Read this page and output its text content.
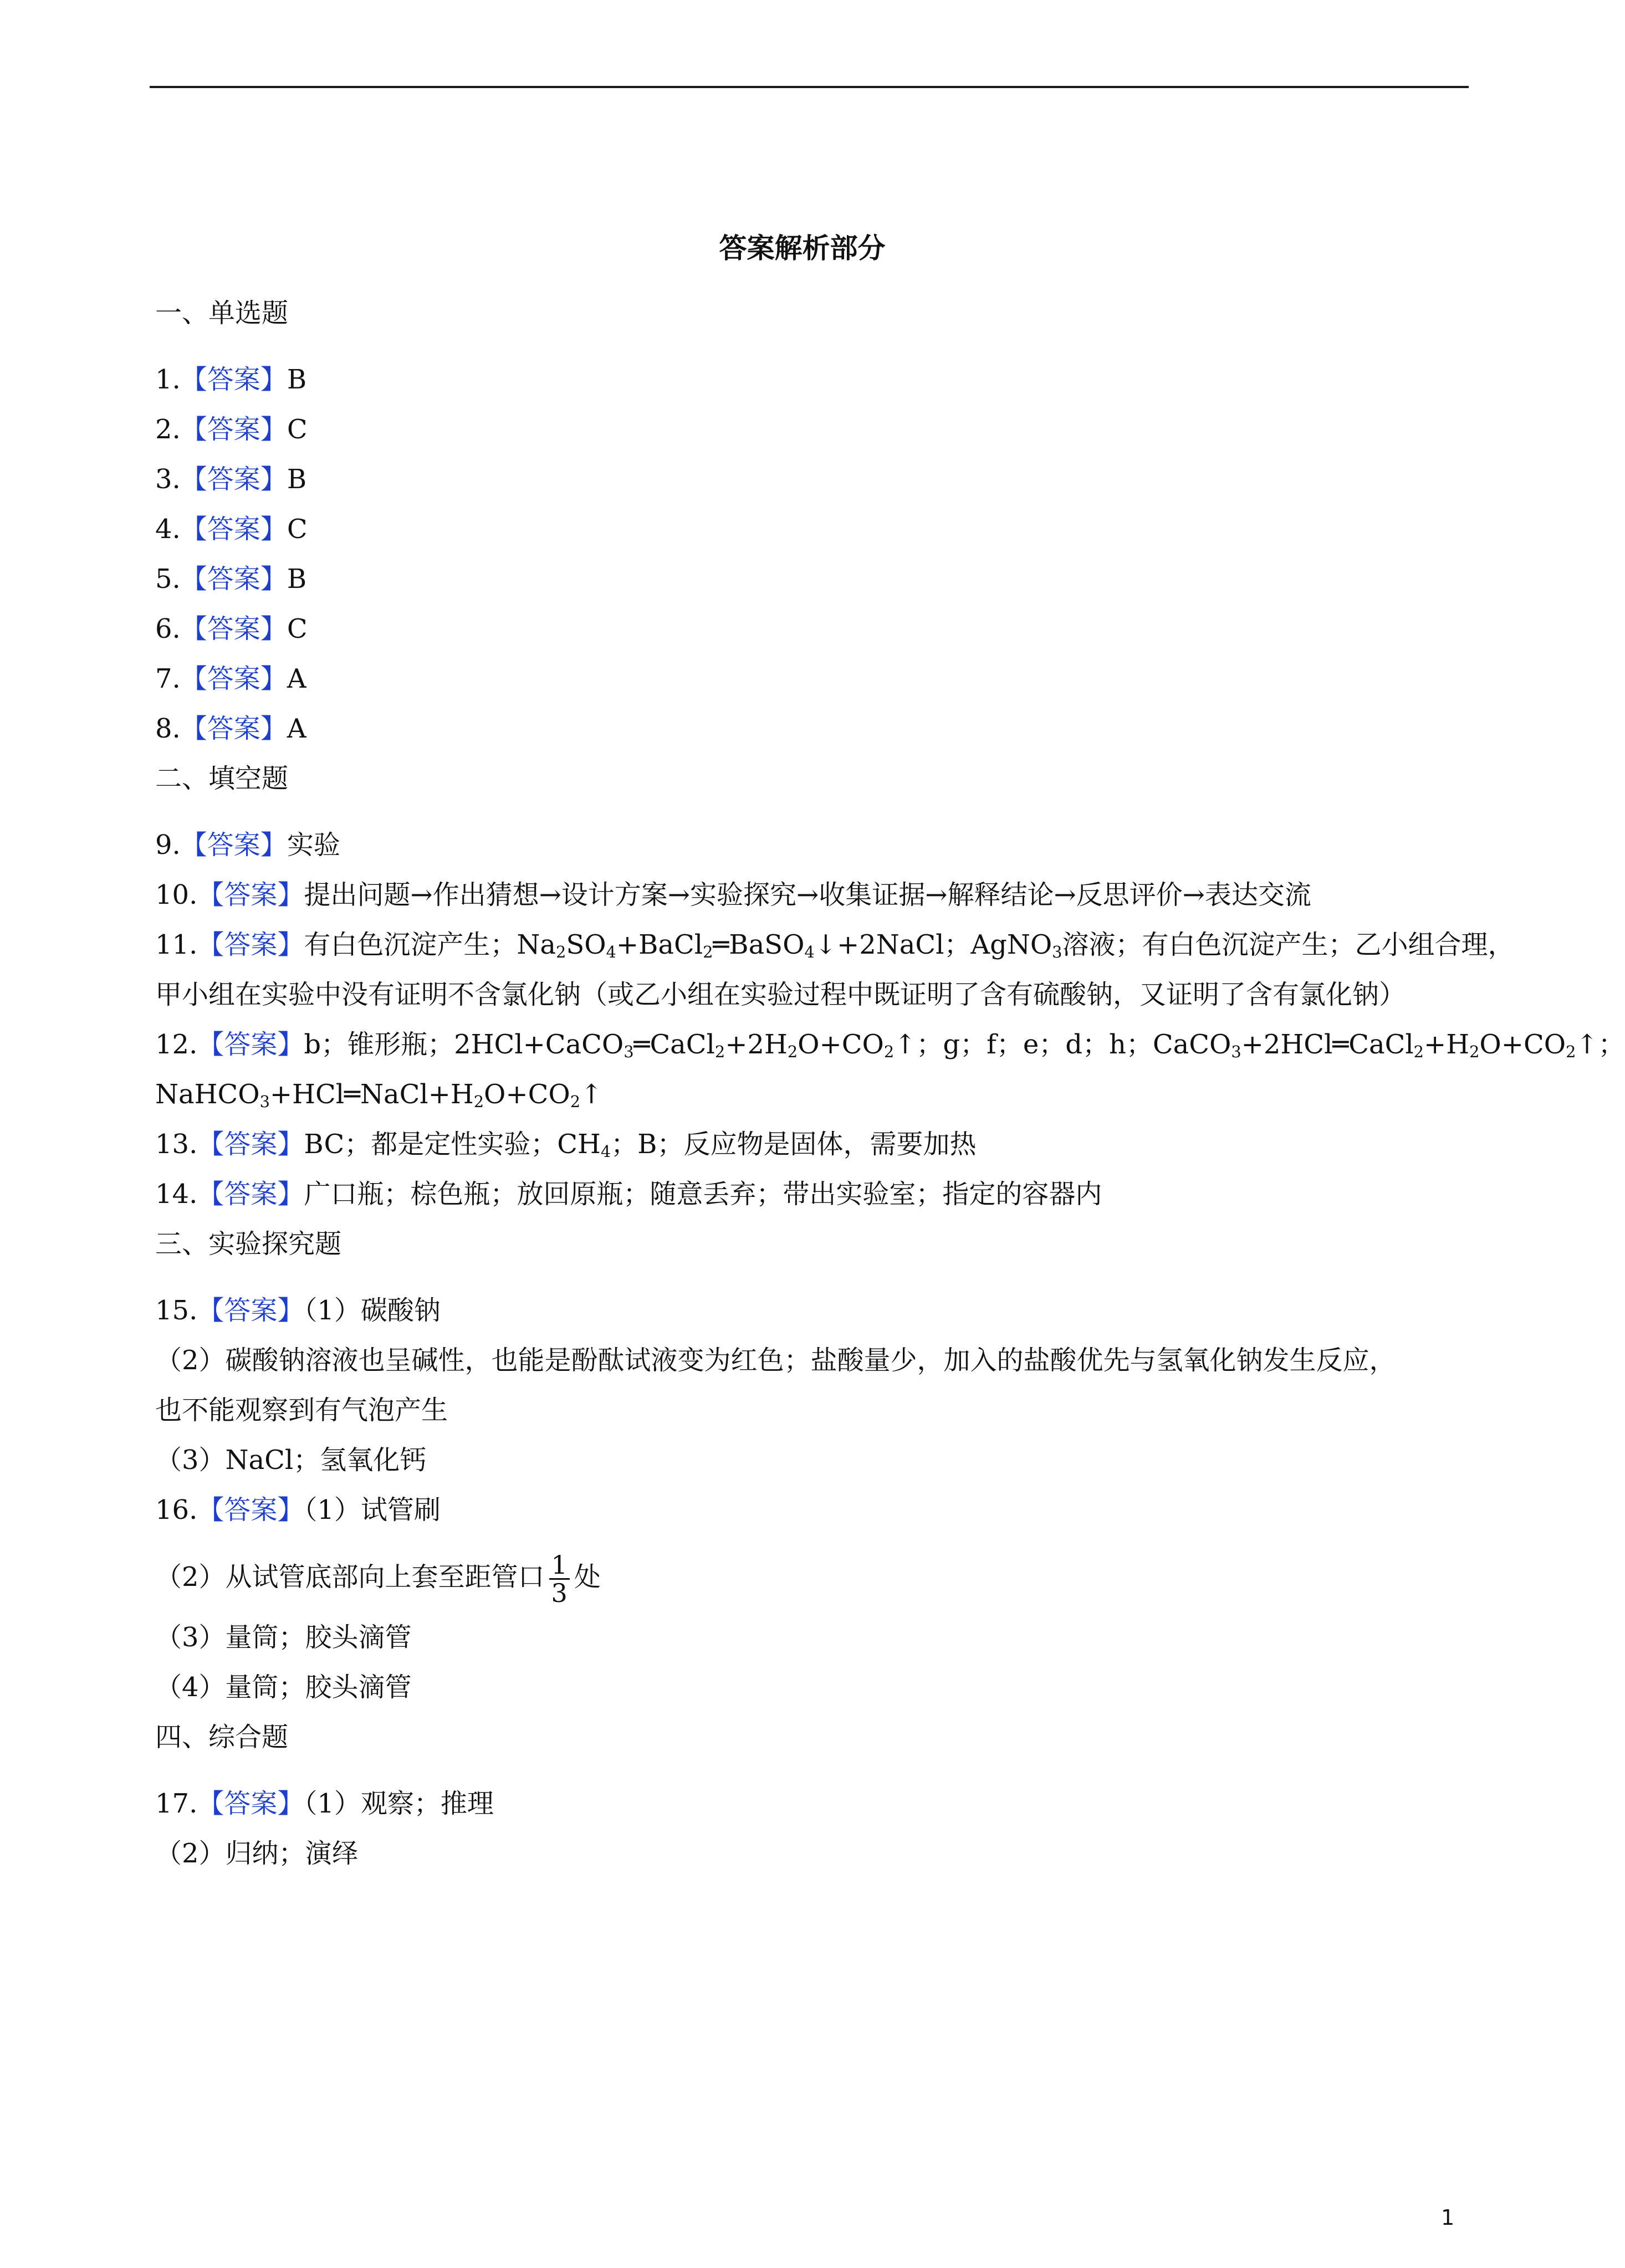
答案解析部分
一、单选题
1.【答案】B
2.【答案】C
3.【答案】B
4.【答案】C
5.【答案】B
6.【答案】C
7.【答案】A
8.【答案】A
二、填空题
9.【答案】实验
10.【答案】提出问题→作出猜想→设计方案→实验探究→收集证据→解释结论→反思评价→表达交流
11.【答案】有白色沉淀产生；$Na_2SO_4+BaCl_2═BaSO_4↓+2NaCl$；AgNO$_3$溶液；有白色沉淀产生；乙小组合理，
甲小组在实验中没有证明不含氯化钠（或乙小组在实验过程中既证明了含有硫酸钠，又证明了含有氯化钠）
12.【答案】b；锥形瓶；$2HCl+CaCO_3═CaCl_2+2H_2O+CO_2↑$；g；f；e；d；h；$CaCO_3+2HCl═CaCl_2+H_2O+CO_2↑$；
$NaHCO_3+HCl═NaCl+H_2O+CO_2↑$
13.【答案】BC；都是定性实验；$CH_4$；B；反应物是固体，需要加热
14.【答案】广口瓶；棕色瓶；放回原瓶；随意丢弃；带出实验室；指定的容器内
三、实验探究题
15.【答案】（1）碳酸钠
（2）碳酸钠溶液也呈碱性，也能是酚酞试液变为红色；盐酸量少，加入的盐酸优先与氢氧化钠发生反应，
也不能观察到有气泡产生
（3）NaCl；氢氧化钙
16.【答案】（1）试管刷
（2）从试管底部向上套至距管口 $\frac{1}{3}$ 处
（3）量筒；胶头滴管
（4）量筒；胶头滴管
四、综合题
17.【答案】（1）观察；推理
（2）归纳；演绎
1
